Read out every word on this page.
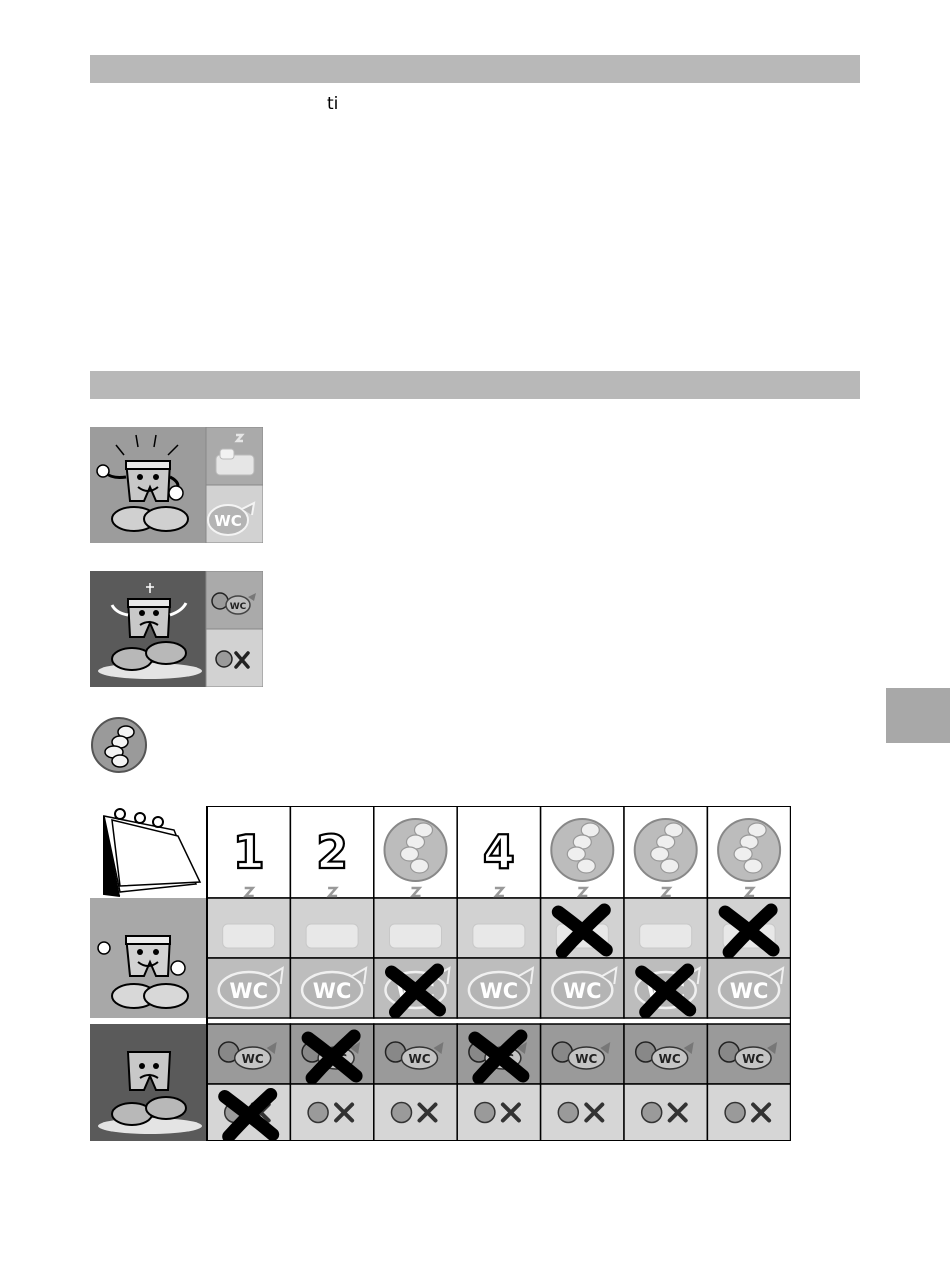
ti
WC
WC
1
WC
WC
2
WC
WC
WC
WC
4
WC
WC
WC
WC
WC
WC
WC
WC
